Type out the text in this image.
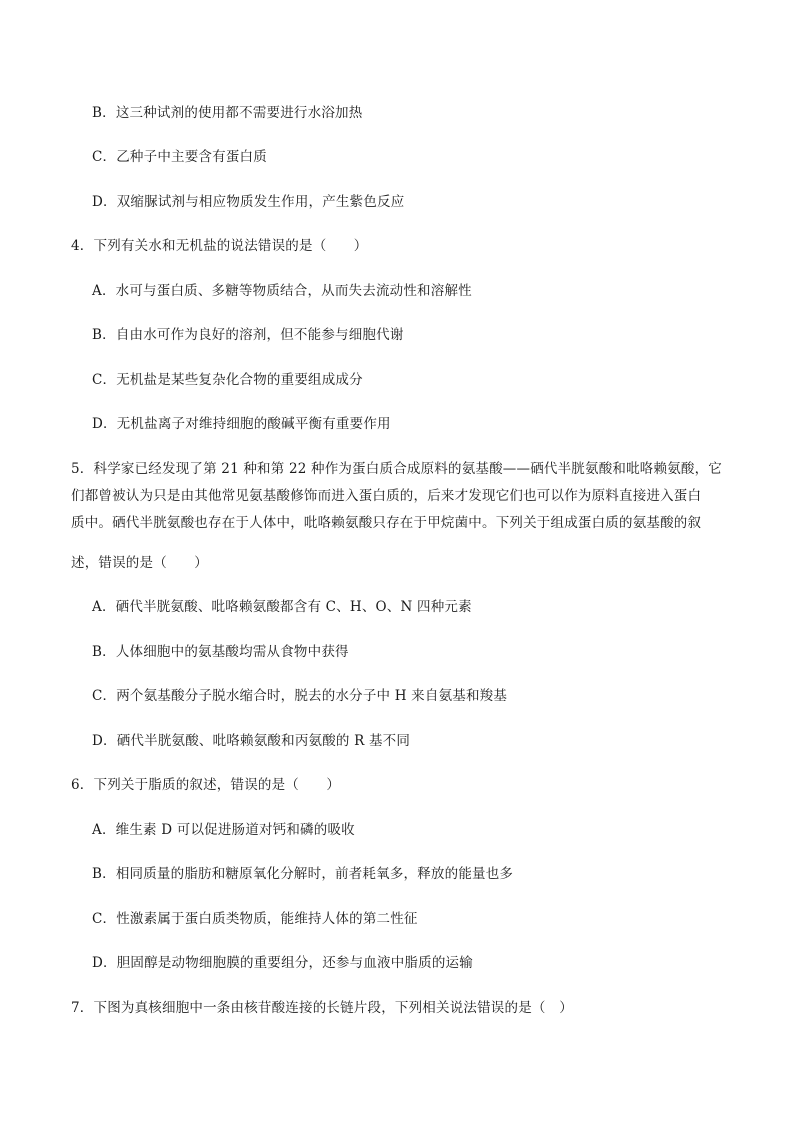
B．这三种试剂的使用都不需要进行水浴加热
C．乙种子中主要含有蛋白质
D．双缩脲试剂与相应物质发生作用，产生紫色反应
4．下列有关水和无机盐的说法错误的是（　　）
A．水可与蛋白质、多糖等物质结合，从而失去流动性和溶解性
B．自由水可作为良好的溶剂，但不能参与细胞代谢
C．无机盐是某些复杂化合物的重要组成成分
D．无机盐离子对维持细胞的酸碱平衡有重要作用
5．科学家已经发现了第 21 种和第 22 种作为蛋白质合成原料的氨基酸——硒代半胱氨酸和吡咯赖氨酸，它
们都曾被认为只是由其他常见氨基酸修饰而进入蛋白质的，后来才发现它们也可以作为原料直接进入蛋白
质中。硒代半胱氨酸也存在于人体中，吡咯赖氨酸只存在于甲烷菌中。下列关于组成蛋白质的氨基酸的叙
述，错误的是（　　）
A．硒代半胱氨酸、吡咯赖氨酸都含有 C、H、O、N 四种元素
B．人体细胞中的氨基酸均需从食物中获得
C．两个氨基酸分子脱水缩合时，脱去的水分子中 H 来自氨基和羧基
D．硒代半胱氨酸、吡咯赖氨酸和丙氨酸的 R 基不同
6．下列关于脂质的叙述，错误的是（　　）
A．维生素 D 可以促进肠道对钙和磷的吸收
B．相同质量的脂肪和糖原氧化分解时，前者耗氧多，释放的能量也多
C．性激素属于蛋白质类物质，能维持人体的第二性征
D．胆固醇是动物细胞膜的重要组分，还参与血液中脂质的运输
7．下图为真核细胞中一条由核苷酸连接的长链片段，下列相关说法错误的是（　）
